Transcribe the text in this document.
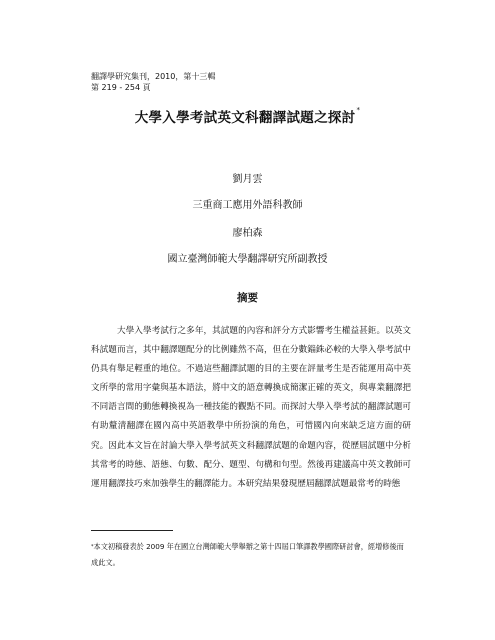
翻譯學研究集刊，2010，第十三輯
第 219 - 254 頁
大學入學考試英文科翻譯試題之探討*
劉月雲
三重商工應用外語科教師
廖柏森
國立臺灣師範大學翻譯研究所副教授
摘要

大學入學考試行之多年，其試題的內容和評分方式影響考生權益甚鉅。以英文科試題而言，其中翻譯題配分的比例雖然不高，但在分數錙銖必較的大學入學考試中仍具有舉足輕重的地位。不過這些翻譯試題的目的主要在評量考生是否能運用高中英文所學的常用字彙與基本語法，將中文的語意轉換成簡潔正確的英文，與專業翻譯把不同語言間的動態轉換視為一種技能的觀點不同。而探討大學入學考試的翻譯試題可有助釐清翻譯在國內高中英語教學中所扮演的角色，可惜國內向來缺乏這方面的研究。因此本文旨在討論大學入學考試英文科翻譯試題的命題內容，從歷屆試題中分析其常考的時態、語態、句數、配分、題型、句構和句型。然後再建議高中英文教師可運用翻譯技巧來加強學生的翻譯能力。本研究結果發現歷屆翻譯試題最常考的時態

*本文初稿發表於 2009 年在國立台灣師範大學舉辦之第十四屆口筆譯教學國際研討會，經增修後而成此文。
